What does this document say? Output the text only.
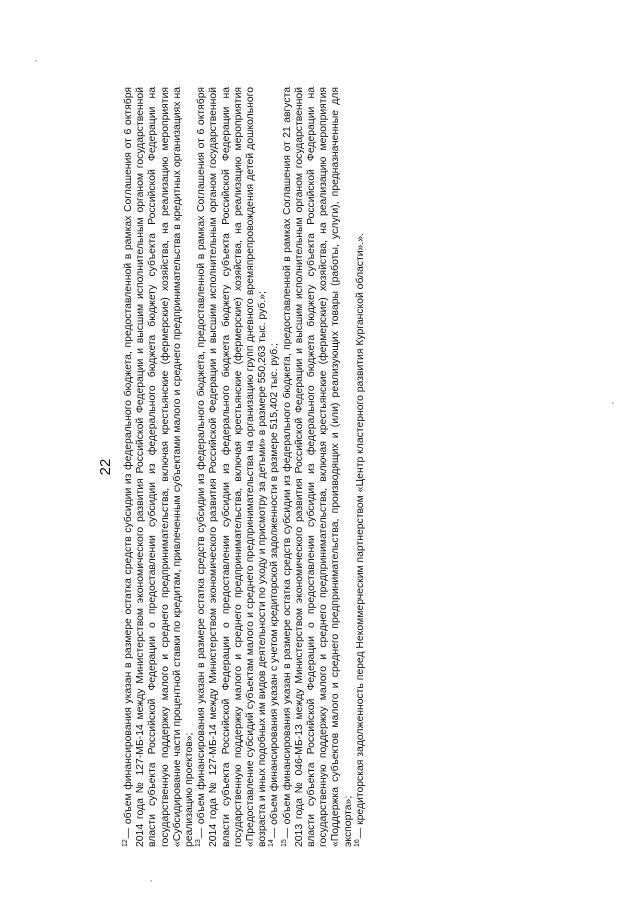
22

$^{12}$— объем финансирования указан в размере остатка средств субсидии из федерального бюджета, предоставленной в рамках Соглашения от 6 октября 2014 года № 127-МБ-14 между Министерством экономического развития Российской Федерации и высшим исполнительным органом государственной власти субъекта Российской Федерации о предоставлении субсидии из федерального бюджета бюджету субъекта Российской Федерации на государственную поддержку малого и среднего предпринимательства, включая крестьянские (фермерские) хозяйства, на реализацию мероприятия «Субсидирование части процентной ставки по кредитам, привлеченным субъектами малого и среднего предпринимательства в кредитных организациях на реализацию проектов»; $^{13}$— объем финансирования указан в размере остатка средств субсидии из федерального бюджета, предоставленной в рамках Соглашения от 6 октября 2014 года № 127-МБ-14 между Министерством экономического развития Российской Федерации и высшим исполнительным органом государственной власти субъекта Российской Федерации о предоставлении субсидии из федерального бюджета бюджету субъекта Российской Федерации на государственную поддержку малого и среднего предпринимательства, включая крестьянские (фермерские) хозяйства, на реализацию мероприятия «Предоставление субсидий субъектам малого и среднего предпринимательства на организацию групп дневного времяпрепровождения детей дошкольного возраста и иных подобных им видов деятельности по уходу и присмотру за детьми» в размере 550,263 тыс. руб.»; $^{14}$— объем финансирования указан с учетом кредиторской задолженности в размере 515,402 тыс. руб.;

$^{15}$— объем финансирования указан в размере остатка средств субсидии из федерального бюджета, предоставленной в рамках Соглашения от 21 августа 2013 года № 046-МБ-13 между Министерством экономического развития Российской Федерации и высшим исполнительным органом государственной власти субъекта Российской Федерации о предоставлении субсидии из федерального бюджета бюджету субъекта Российской Федерации на государственную поддержку малого и среднего предпринимательства, включая крестьянские (фермерские) хозяйства, на реализацию мероприятия «Поддержка субъектов малого и среднего предпринимательства, производящих и (или) реализующих товары (работы, услуги), предназначенные для экспорта»; $^{16}$— кредиторская задолженность перед Некоммерческим партнерством «Центр кластерного развития Курганской области».».
